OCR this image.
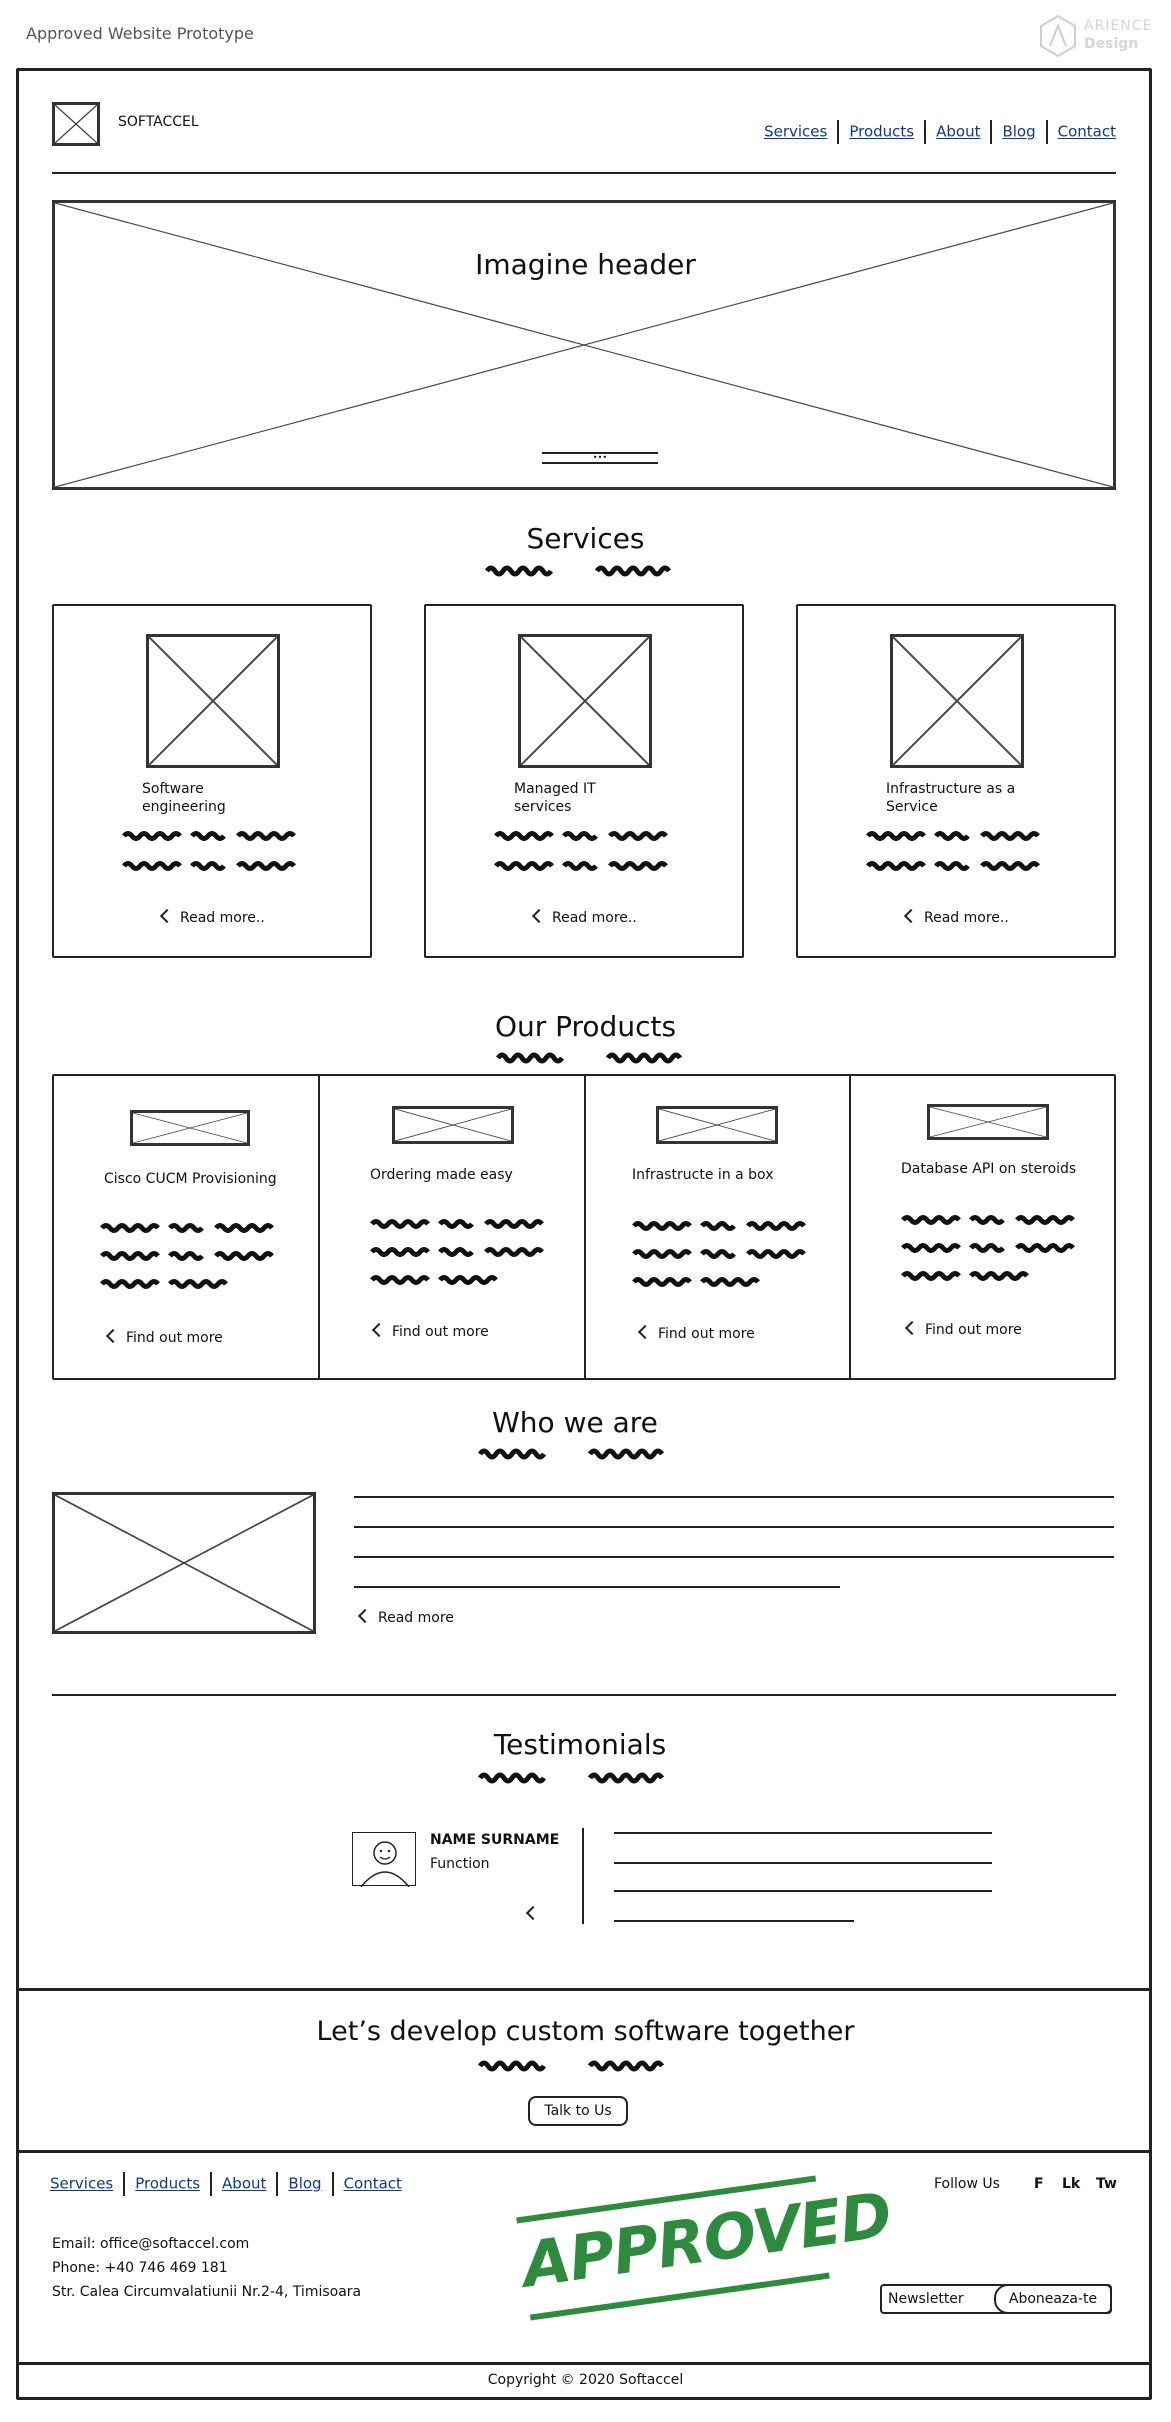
Approved Website Prototype	ARIENCE
Design
SOFTACCEL
Services Products About Blog Contact
Imagine header
•••
Services
Software
engineering
Read more..
Managed IT
services
Read more..
Infrastructure as a
Service
Read more..
Our Products
Cisco CUCM Provisioning
Find out more
Ordering made easy
Find out more
Infrastructe in a box
Find out more
Database API on steroids
Find out more
Who we are
Read more
Testimonials
NAME SURNAME
Function
Let’s develop custom software together
Talk to Us
Services Products About Blog Contact	Follow Us F Lk Tw
Email: office@softaccel.com
Phone: +40 746 469 181
Str. Calea Circumvalatiunii Nr.2-4, Timisoara	APPROVED
Newsletter	Aboneaza-te
Copyright © 2020 Softaccel
